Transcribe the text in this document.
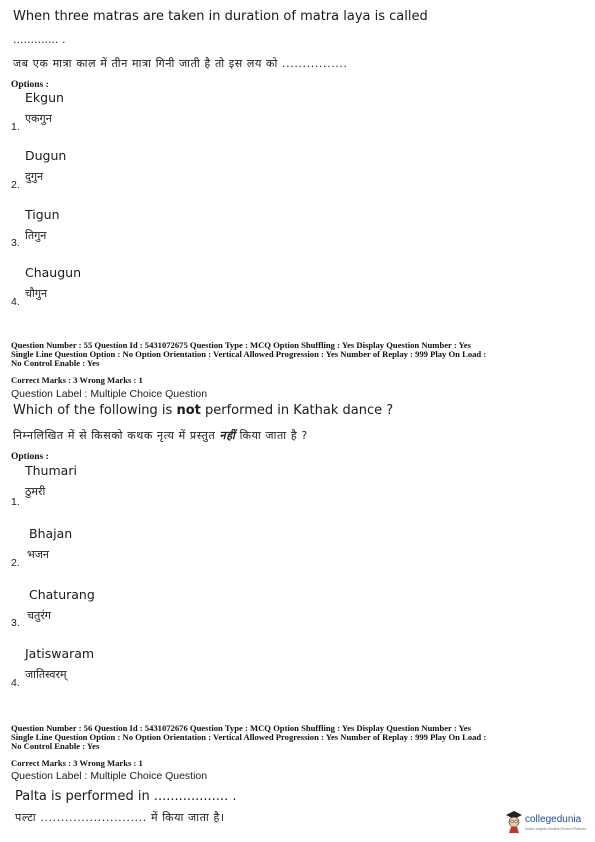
When three matras are taken in duration of matra laya is called
............. .
जब एक मात्रा काल में तीन मात्रा गिनी जाती है तो इस लय को ................
Options :
Ekgun
एकगुन
1.
Dugun
दुगुन
2.
Tigun
तिगुन
3.
Chaugun
चौगुन
4.
Question Number : 55 Question Id : 5431072675 Question Type : MCQ Option Shuffling : Yes Display Question Number : Yes
Single Line Question Option : No Option Orientation : Vertical Allowed Progression : Yes Number of Replay : 999 Play On Load :
No Control Enable : Yes
Correct Marks : 3 Wrong Marks : 1
Question Label : Multiple Choice Question
Which of the following is not performed in Kathak dance ?
निम्नलिखित में से किसको कथक नृत्य में प्रस्तुत नहीं किया जाता है ?
Options :
Thumari
ठुमरी
1.
Bhajan
भजन
2.
Chaturang
चतुरंग
3.
Jatiswaram
जातिस्वरम्
4.
Question Number : 56 Question Id : 5431072676 Question Type : MCQ Option Shuffling : Yes Display Question Number : Yes
Single Line Question Option : No Option Orientation : Vertical Allowed Progression : Yes Number of Replay : 999 Play On Load :
No Control Enable : Yes
Correct Marks : 3 Wrong Marks : 1
Question Label : Multiple Choice Question
Palta is performed in .................. .
पल्टा .......................... में किया जाता है।	collegedunia
India's largest Student Review Platform
